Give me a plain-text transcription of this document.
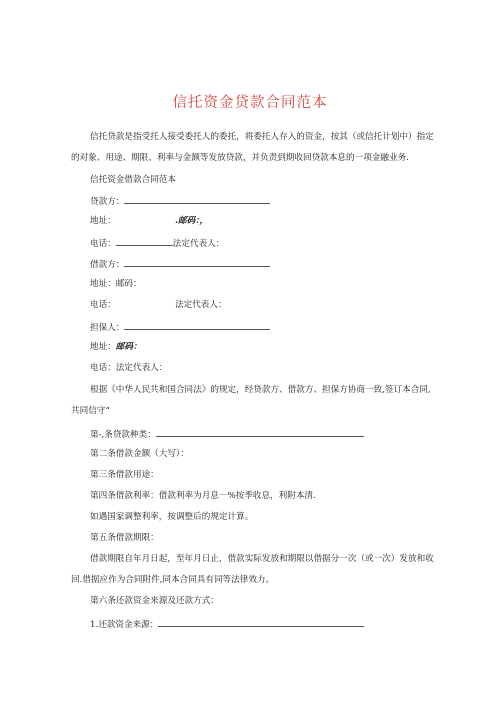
信托资金贷款合同范本
信托贷款是指受托人接受委托人的委托，将委托人存入的资金，按其（或信托计划中）指定
的对象、用途、期限、利率与金额等发放贷款，并负责到期收回贷款本息的一项金融业务.
信托资金借款合同范本
贷款方：
地址：	.邮码：，
电话：	法定代表人：
借款方：
地址：邮码：
电话：	法定代表人：
担保人：
地址：邮码：
电话：法定代表人：
根据《中华人民共和国合同法》的规定，经贷款方、借款方、担保方协商一致,签订本合同,
共同信守“
第-,条贷款种类：
第二条借款金额（大写）：
第三条借款用途：
第四条借款利率：借款利率为月息－%按季收息，利附本清.
如遇国家调整利率，按调整后的规定计算。
第五条借款期限：
借款期限自年月日起，至年月日止，借款实际发放和期限以借据分一次（或一次）发放和收
回.借据应作为合同附件,同本合同具有同等法律效力。
第六条还款资金来源及还款方式：
1.还款资金来源：
